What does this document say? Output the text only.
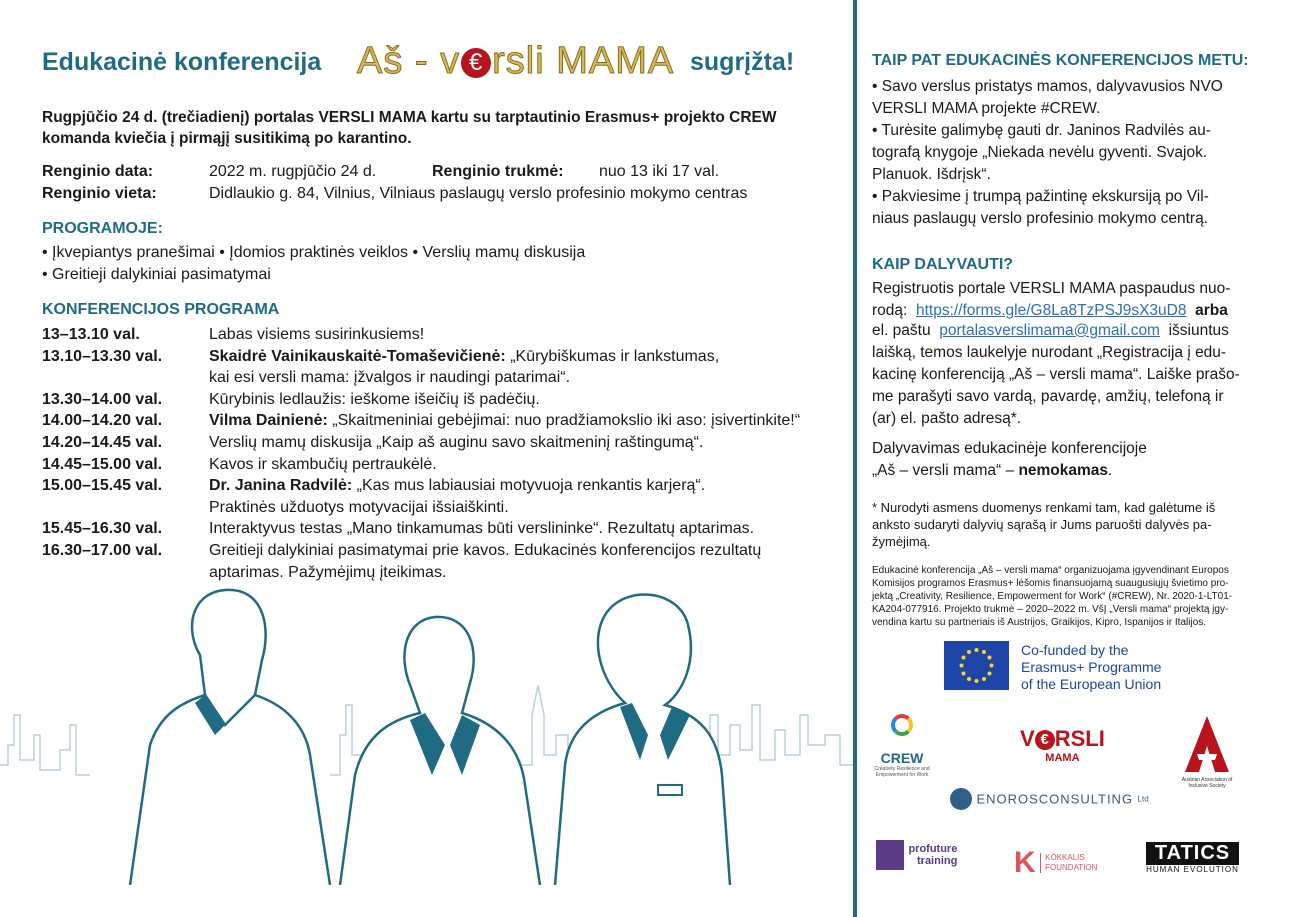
Edukacinė konferencija Aš - v € rsli MAMA sugrįžta!
Rugpjūčio 24 d. (trečiadienį) portalas VERSLI MAMA kartu su tarptautinio Erasmus+ projekto CREW
komanda kviečia į pirmąjį susitikimą po karantino.
Renginio data:	2022 m. rugpjūčio 24 d.	Renginio trukmė: nuo 13 iki 17 val.
Renginio vieta:	Didlaukio g. 84, Vilnius, Vilniaus paslaugų verslo profesinio mokymo centras
PROGRAMOJE:
• Įkvepiantys pranešimai • Įdomios praktinės veiklos • Verslių mamų diskusija
• Greitieji dalykiniai pasimatymai
KONFERENCIJOS PROGRAMA
13–13.10 val.	Labas visiems susirinkusiems!
13.10–13.30 val.	Skaidrė Vainikauskaitė-Tomaševičienė: „Kūrybiškumas ir lankstumas,
kai esi versli mama: įžvalgos ir naudingi patarimai“.
13.30–14.00 val.	Kūrybinis ledlaužis: ieškome išeičių iš padėčių.
14.00–14.20 val.	Vilma Dainienė: „Skaitmeniniai gebėjimai: nuo pradžiamokslio iki aso: įsivertinkite!“
14.20–14.45 val.	Verslių mamų diskusija „Kaip aš auginu savo skaitmeninį raštingumą“.
14.45–15.00 val.	Kavos ir skambučių pertraukėlė.
15.00–15.45 val.	Dr. Janina Radvilė: „Kas mus labiausiai motyvuoja renkantis karjerą“.
Praktinės užduotys motyvacijai išsiaiškinti.
15.45–16.30 val.	Interaktyvus testas „Mano tinkamumas būti verslininke“. Rezultatų aptarimas.
16.30–17.00 val.	Greitieji dalykiniai pasimatymai prie kavos. Edukacinės konferencijos rezultatų
aptarimas. Pažymėjimų įteikimas.
TAIP PAT EDUKACINĖS KONFERENCIJOS METU:
• Savo verslus pristatys mamos, dalyvavusios NVO
VERSLI MAMA projekte #CREW.
• Turėsite galimybę gauti dr. Janinos Radvilės au-
tografą knygoje „Niekada nevėlu gyventi. Svajok.
Planuok. Išdrįsk“.
• Pakviesime į trumpą pažintinę ekskursiją po Vil-
niaus paslaugų verslo profesinio mokymo centrą.
KAIP DALYVAUTI?
Registruotis portale VERSLI MAMA paspaudus nuo-
rodą: https://forms.gle/G8La8TzPSJ9sX3uD8 arba
el. paštu portalasverslimama@gmail.com išsiuntus
laišką, temos laukelyje nurodant „Registracija į edu-
kacinę konferenciją „Aš – versli mama“. Laiške prašo-
me parašyti savo vardą, pavardę, amžių, telefoną ir
(ar) el. pašto adresą*.
Dalyvavimas edukacinėje konferencijoje
„Aš – versli mama“ – nemokamas.
* Nurodyti asmens duomenys renkami tam, kad galėtume iš
anksto sudaryti dalyvių sąrašą ir Jums paruošti dalyvės pa-
žymėjimą.
Edukacinė konferencija „Aš – versli mama“ organizuojama įgyvendinant Europos
Komisijos programos Erasmus+ lėšomis finansuojamą suaugusiųjų švietimo pro-
jektą „Creativity, Resilience, Empowerment for Work“ (#CREW), Nr. 2020-1-LT01-
KA204-077916. Projekto trukmė – 2020–2022 m. VšĮ „Versli mama“ projektą įgy-
vendina kartu su partneriais iš Austrijos, Graikijos, Kipro, Ispanijos ir Italijos.
Co-funded by the
Erasmus+ Programme
of the European Union
CREW
Creativity Resilience and
Empowerment for Work
V € RSLI
MAMA
Austrian Association of
Inclusive Society
ENOROSCONSULTING Ltd

profuture
training K KOKKALIS
FOUNDATION
TATICS
HUMAN EVOLUTION
